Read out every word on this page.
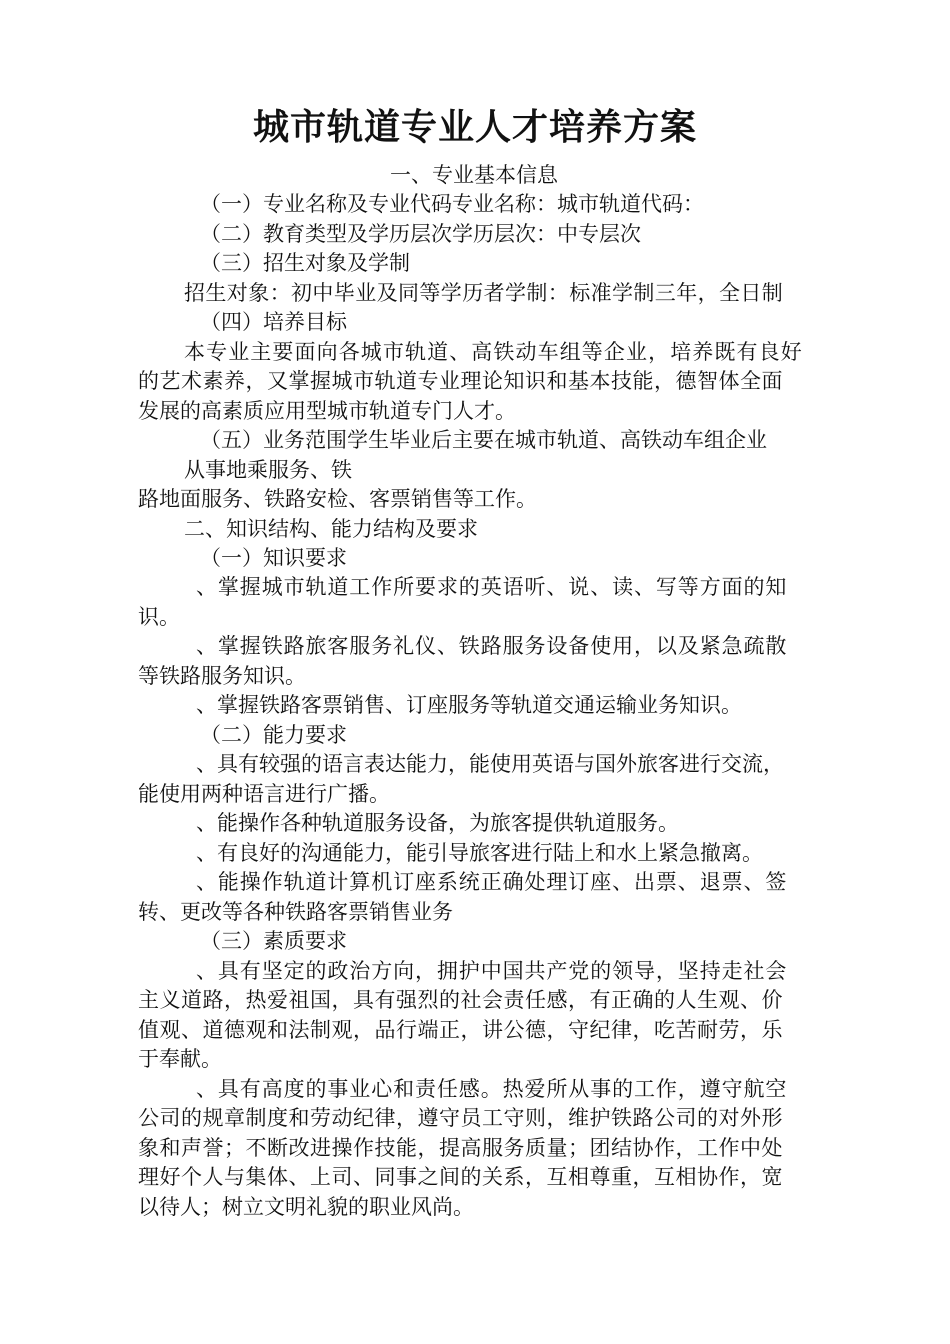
城市轨道专业人才培养方案
一、专业基本信息
（一）专业名称及专业代码专业名称：城市轨道代码：
（二）教育类型及学历层次学历层次：中专层次
（三）招生对象及学制
招生对象：初中毕业及同等学历者学制：标准学制三年，全日制
（四）培养目标
本专业主要面向各城市轨道、高铁动车组等企业，培养既有良好
的艺术素养，又掌握城市轨道专业理论知识和基本技能，德智体全面
发展的高素质应用型城市轨道专门人才。
（五）业务范围学生毕业后主要在城市轨道、高铁动车组企业
从事地乘服务、铁
路地面服务、铁路安检、客票销售等工作。
二、知识结构、能力结构及要求
（一）知识要求
、掌握城市轨道工作所要求的英语听、说、读、写等方面的知
识。
、掌握铁路旅客服务礼仪、铁路服务设备使用，以及紧急疏散
等铁路服务知识。
、掌握铁路客票销售、订座服务等轨道交通运输业务知识。
（二）能力要求
、具有较强的语言表达能力，能使用英语与国外旅客进行交流，
能使用两种语言进行广播。
、能操作各种轨道服务设备，为旅客提供轨道服务。
、有良好的沟通能力，能引导旅客进行陆上和水上紧急撤离。
、能操作轨道计算机订座系统正确处理订座、出票、退票、签
转、更改等各种铁路客票销售业务
（三）素质要求
、具有坚定的政治方向，拥护中国共产党的领导，坚持走社会
主义道路，热爱祖国，具有强烈的社会责任感，有正确的人生观、价
值观、道德观和法制观，品行端正，讲公德，守纪律，吃苦耐劳，乐
于奉献。
、具有高度的事业心和责任感。热爱所从事的工作，遵守航空
公司的规章制度和劳动纪律，遵守员工守则，维护铁路公司的对外形
象和声誉；不断改进操作技能，提高服务质量；团结协作，工作中处
理好个人与集体、上司、同事之间的关系，互相尊重，互相协作，宽
以待人；树立文明礼貌的职业风尚。
